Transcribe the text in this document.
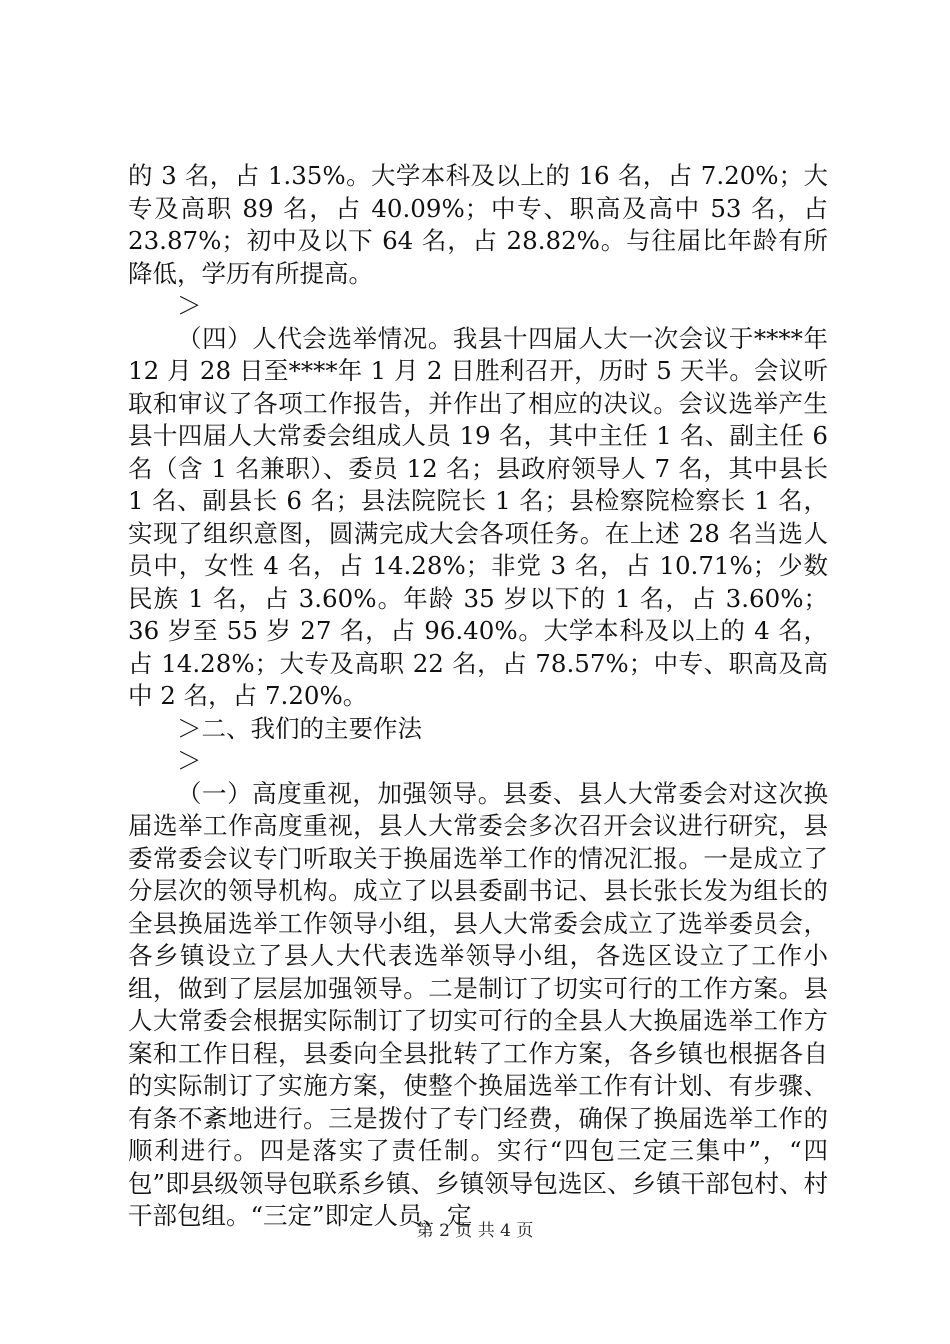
的 3 名，占 1.35%。大学本科及以上的 16 名，占 7.20%；大专及高职 89 名，占 40.09%；中专、职高及高中 53 名，占 23.87%；初中及以下 64 名，占 28.82%。与往届比年龄有所降低，学历有所提高。

＞

（四）人代会选举情况。我县十四届人大一次会议于****年 12 月 28 日至****年 1 月 2 日胜利召开，历时 5 天半。会议听取和审议了各项工作报告，并作出了相应的决议。会议选举产生县十四届人大常委会组成人员 19 名，其中主任 1 名、副主任 6 名（含 1 名兼职）、委员 12 名；县政府领导人 7 名，其中县长 1 名、副县长 6 名；县法院院长 1 名；县检察院检察长 1 名，实现了组织意图，圆满完成大会各项任务。在上述 28 名当选人员中，女性 4 名，占 14.28%；非党 3 名，占 10.71%；少数民族 1 名，占 3.60%。年龄 35 岁以下的 1 名，占 3.60%；36 岁至 55 岁 27 名，占 96.40%。大学本科及以上的 4 名，占 14.28%；大专及高职 22 名，占 78.57%；中专、职高及高中 2 名，占 7.20%。

＞二、我们的主要作法

＞

（一）高度重视，加强领导。县委、县人大常委会对这次换届选举工作高度重视，县人大常委会多次召开会议进行研究，县委常委会议专门听取关于换届选举工作的情况汇报。一是成立了分层次的领导机构。成立了以县委副书记、县长张长发为组长的全县换届选举工作领导小组，县人大常委会成立了选举委员会，各乡镇设立了县人大代表选举领导小组，各选区设立了工作小组，做到了层层加强领导。二是制订了切实可行的工作方案。县人大常委会根据实际制订了切实可行的全县人大换届选举工作方案和工作日程，县委向全县批转了工作方案，各乡镇也根据各自的实际制订了实施方案，使整个换届选举工作有计划、有步骤、有条不紊地进行。三是拨付了专门经费，确保了换届选举工作的顺利进行。四是落实了责任制。实行“四包三定三集中”，“四包”即县级领导包联系乡镇、乡镇领导包选区、乡镇干部包村、村干部包组。“三定”即定人员、定

第 2 页 共 4 页
